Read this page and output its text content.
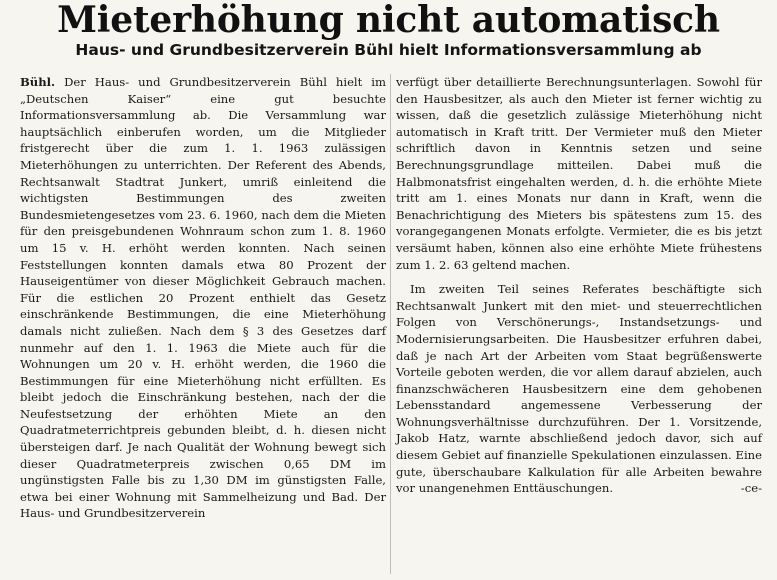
Mieterhöhung nicht automatisch
Haus- und Grundbesitzerverein Bühl hielt Informationsversammlung ab

Bühl. Der Haus- und Grundbesitzerverein Bühl hielt im „Deutschen Kaiser“ eine gut besuchte Informationsversammlung ab. Die Versammlung war hauptsächlich einberufen worden, um die Mitglieder fristgerecht über die zum 1. 1. 1963 zulässigen Mieterhöhungen zu unterrichten. Der Referent des Abends, Rechtsanwalt Stadtrat Junkert, umriß einleitend die wichtigsten Bestimmungen des zweiten Bundesmietengesetzes vom 23. 6. 1960, nach dem die Mieten für den preisgebundenen Wohnraum schon zum 1. 8. 1960 um 15 v. H. erhöht werden konnten. Nach seinen Feststellungen konnten damals etwa 80 Prozent der Hauseigentümer von dieser Möglichkeit Gebrauch machen. Für die estlichen 20 Prozent enthielt das Gesetz einschränkende Bestimmungen, die eine Mieterhöhung damals nicht zuließen. Nach dem § 3 des Gesetzes darf nunmehr auf den 1. 1. 1963 die Miete auch für die Wohnungen um 20 v. H. erhöht werden, die 1960 die Bestimmungen für eine Mieterhöhung nicht erfüllten. Es bleibt jedoch die Einschränkung bestehen, nach der die Neufestsetzung der erhöhten Miete an den Quadratmeterrichtpreis gebunden bleibt, d. h. diesen nicht übersteigen darf. Je nach Qualität der Wohnung bewegt sich dieser Quadratmeterpreis zwischen 0,65 DM im ungünstigsten Falle bis zu 1,30 DM im günstigsten Falle, etwa bei einer Wohnung mit Sammelheizung und Bad. Der Haus- und Grundbesitzerverein

verfügt über detaillierte Berechnungsunterlagen. Sowohl für den Hausbesitzer, als auch den Mieter ist ferner wichtig zu wissen, daß die gesetzlich zulässige Mieterhöhung nicht automatisch in Kraft tritt. Der Vermieter muß den Mieter schriftlich davon in Kenntnis setzen und seine Berechnungsgrundlage mitteilen. Dabei muß die Halbmonatsfrist eingehalten werden, d. h. die erhöhte Miete tritt am 1. eines Monats nur dann in Kraft, wenn die Benachrichtigung des Mieters bis spätestens zum 15. des vorangegangenen Monats erfolgte. Vermieter, die es bis jetzt versäumt haben, können also eine erhöhte Miete frühestens zum 1. 2. 63 geltend machen.

Im zweiten Teil seines Referates beschäftigte sich Rechtsanwalt Junkert mit den miet- und steuerrechtlichen Folgen von Verschönerungs-, Instandsetzungs- und Modernisierungsarbeiten. Die Hausbesitzer erfuhren dabei, daß je nach Art der Arbeiten vom Staat begrüßenswerte Vorteile geboten werden, die vor allem darauf abzielen, auch finanzschwächeren Hausbesitzern eine dem gehobenen Lebensstandard angemessene Verbesserung der Wohnungsverhältnisse durchzuführen. Der 1. Vorsitzende, Jakob Hatz, warnte abschließend jedoch davor, sich auf diesem Gebiet auf finanzielle Spekulationen einzulassen. Eine gute, überschaubare Kalkulation für alle Arbeiten bewahre vor unangenehmen Enttäuschungen.	-ce-
